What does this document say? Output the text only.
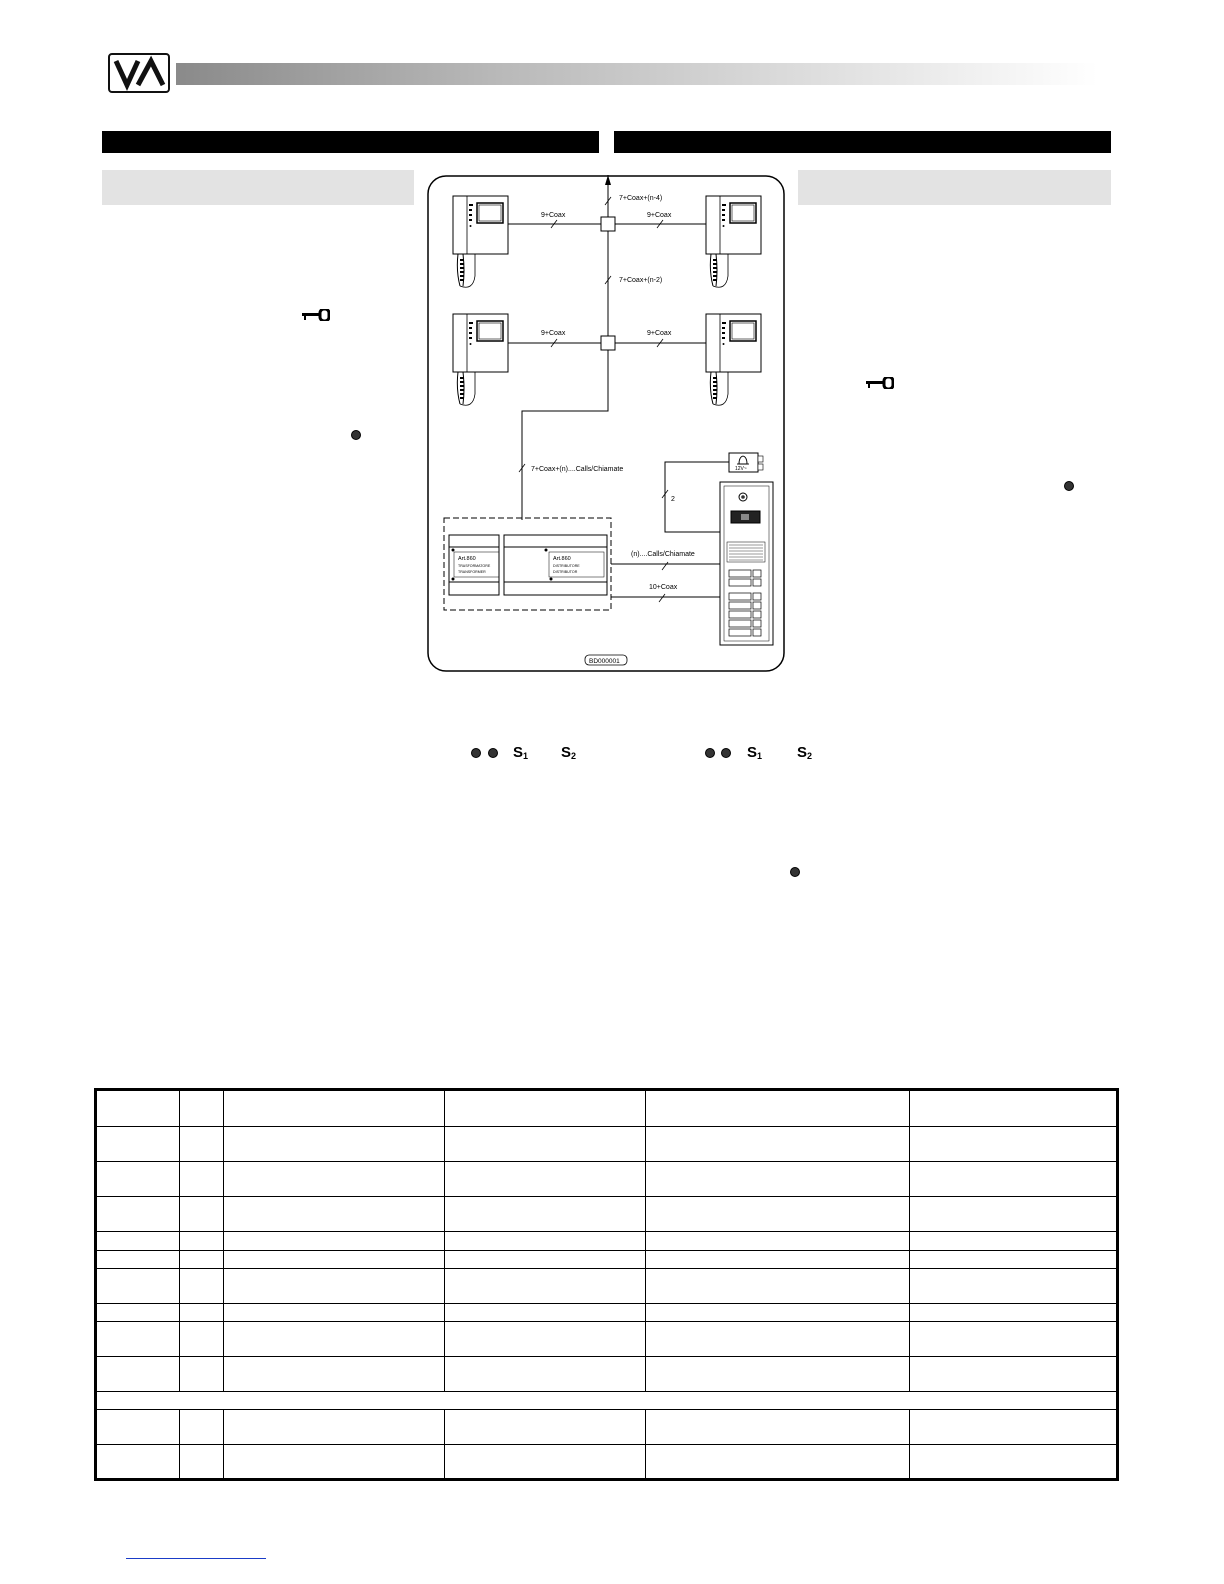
$S_1$ $S_2$	$S_1$ $S_2$
7+Coax+(n-4)
7+Coax+(n-2)
7+Coax+(n)....Calls/Chiamate
9+Coax	9+Coax
9+Coax	9+Coax
(n)....Calls/Chiamate
10+Coax
2
12V~
Art.860
TRASFORMATORE
TRANSFORMER
Art.860
DISTRIBUTORE
DISTRIBUTOR
BD000001
